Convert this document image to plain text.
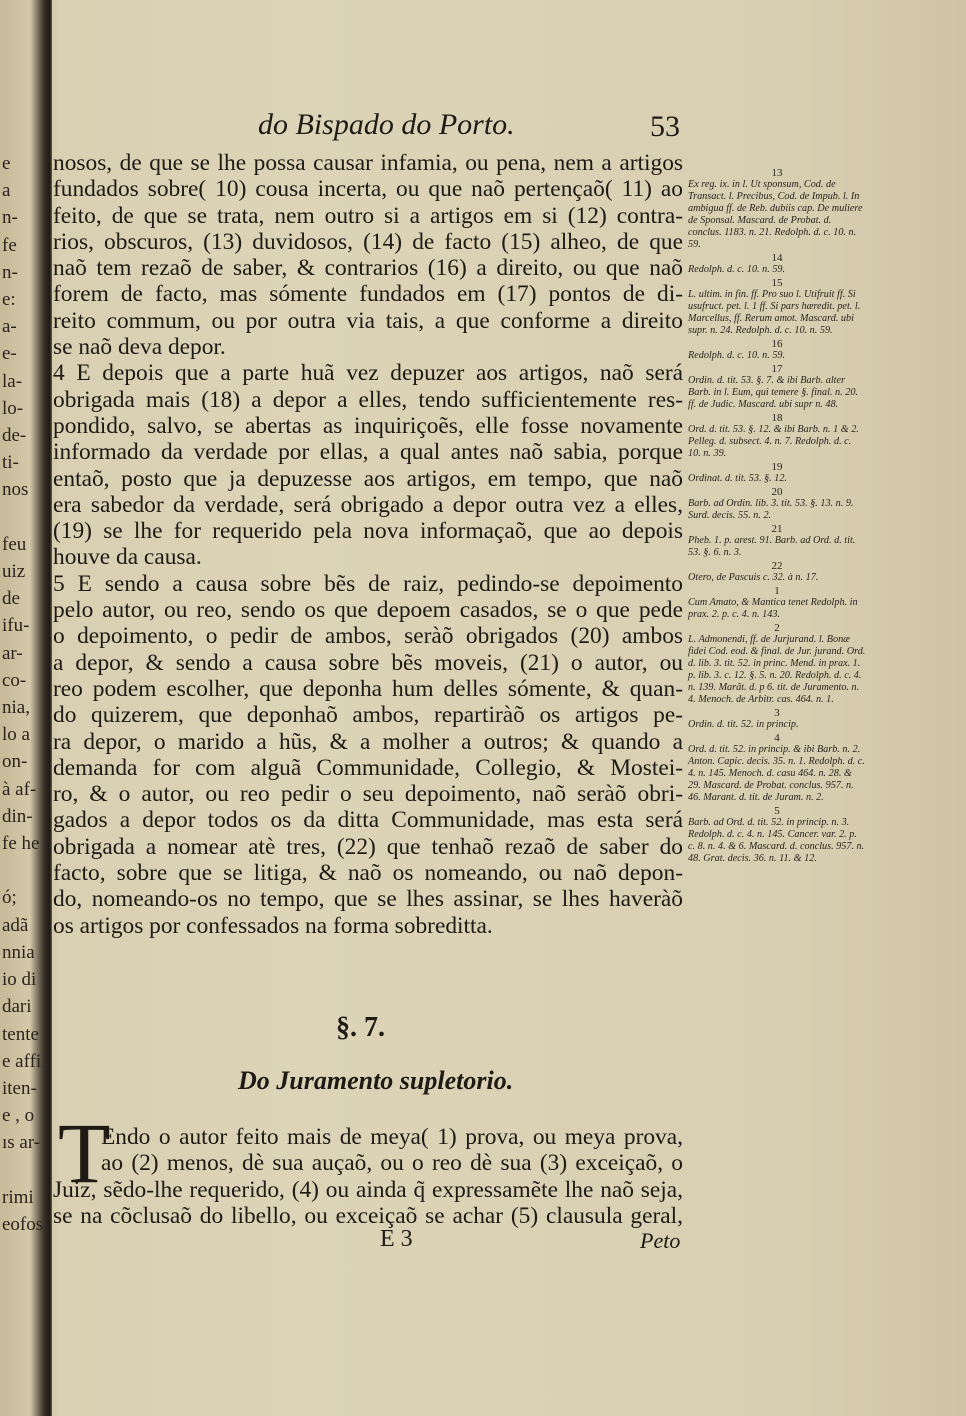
e
a
n-
fe
n-
e:
a-
e-
la-
lo-
de-
ti-
nos

feu
uiz
de
ifu-
ar-
co-
nia,
lo a
on-
à af-
din-
fe he

ó;
adã
nnia
io di
dari
tente
e affi
iten-
e , o
ıs ar-

rimi
eofos
do Bispado do Porto.	53
nosos, de que se lhe possa causar infamia, ou pena, nem a artigos
fundados sobre( 10) cousa incerta, ou que naõ pertençaõ( 11) ao
feito, de que se trata, nem outro si a artigos em si (12) contra-
rios, obscuros, (13) duvidosos, (14) de facto (15) alheo, de que
naõ tem rezaõ de saber, & contrarios (16) a direito, ou que naõ
forem de facto, mas sómente fundados em (17) pontos de di-
reito commum, ou por outra via tais, a que conforme a direito
se naõ deva depor.
4 E depois que a parte huã vez depuzer aos artigos, naõ será
obrigada mais (18) a depor a elles, tendo sufficientemente res-
pondido, salvo, se abertas as inquiriçoẽs, elle fosse novamente
informado da verdade por ellas, a qual antes naõ sabia, porque
entaõ, posto que ja depuzesse aos artigos, em tempo, que naõ
era sabedor da verdade, será obrigado a depor outra vez a elles,
(19) se lhe for requerido pela nova informaçaõ, que ao depois
houve da causa.
5 E sendo a causa sobre bẽs de raiz, pedindo-se depoimento
pelo autor, ou reo, sendo os que depoem casados, se o que pede
o depoimento, o pedir de ambos, seràõ obrigados (20) ambos
a depor, & sendo a causa sobre bẽs moveis, (21) o autor, ou
reo podem escolher, que deponha hum delles sómente, & quan-
do quizerem, que deponhaõ ambos, repartiràõ os artigos pe-
ra depor, o marido a hũs, & a molher a outros; & quando a
demanda for com alguã Communidade, Collegio, & Mostei-
ro, & o autor, ou reo pedir o seu depoimento, naõ seràõ obri-
gados a depor todos os da ditta Communidade, mas esta será
obrigada a nomear atè tres, (22) que tenhaõ rezaõ de saber do
facto, sobre que se litiga, & naõ os nomeando, ou naõ depon-
do, nomeando-os no tempo, que se lhes assinar, se lhes haveràõ
os artigos por confessados na forma sobreditta.
§. 7.
Do Juramento supletorio.
T
Endo o autor feito mais de meya( 1) prova, ou meya prova,
ao (2) menos, dè sua auçaõ, ou o reo dè sua (3) exceiçaõ, o
Juiz, sẽdo-lhe requerido, (4) ou ainda q̃ expressamẽte lhe naõ seja,
se na cõclusaõ do libello, ou exceiçaõ se achar (5) clausula geral,
E 3	Peto
13
Ex reg. ix. in l. Ut sponsum, Cod. de Transact. l. Precibus, Cod. de Impub. l. In ambigua ff. de Reb. dubiis cap. De muliere de Sponsal. Mascard. de Probat. d. conclus. 1183. n. 21. Redolph. d. c. 10. n. 59.
14
Redolph. d. c. 10. n. 59.
15
L. ultim. in fin. ff. Pro suo l. Utifruit ff. Si usufruct. pet. l. 1 ff. Si pars hæredit. pet. l. Marcellus, ff. Rerum amot. Mascard. ubi supr. n. 24. Redolph. d. c. 10. n. 59.
16
Redolph. d. c. 10. n. 59.
17
Ordin. d. tit. 53. §. 7. & ibi Barb. alter Barb. in l. Eum, qui temere §. final. n. 20. ff. de Judic. Mascard. ubi supr n. 48.
18
Ord. d. tit. 53. §. 12. & ibi Barb. n. 1 & 2. Pelleg. d. subsect. 4. n. 7. Redolph. d. c. 10. n. 39.
19
Ordinat. d. tit. 53. §. 12.
20
Barb. ad Ordin. lib. 3. tit. 53. §. 13. n. 9. Surd. decis. 55. n. 2.
21
Pheb. 1. p. arest. 91. Barb. ad Ord. d. tit. 53. §. 6. n. 3.
22
Otero, de Pascuis c. 32. à n. 17.
1
Cum Amato, & Mantica tenet Redolph. in prax. 2. p. c. 4. n. 143.
2
L. Admonendi, ff. de Jurjurand. l. Bonæ fidei Cod. eod. & final. de Jur. jurand. Ord. d. lib. 3. tit. 52. in princ. Mend. in prax. 1. p. lib. 3. c. 12. §. 5. n. 20. Redolph. d. c. 4. n. 139. Marãt. d. p 6. tit. de Juramento. n. 4. Menoch. de Arbitr. cas. 464. n. 1.
3
Ordin. d. tit. 52. in princip.
4
Ord. d. tit. 52. in princip. & ibi Barb. n. 2. Anton. Capic. decis. 35. n. 1. Redolph. d. c. 4. n. 145. Menoch. d. casu 464. n. 28. & 29. Mascard. de Probat. conclus. 957. n. 46. Marant. d. tit. de Juram. n. 2.
5
Barb. ad Ord. d. tit. 52. in princip. n. 3. Redolph. d. c. 4. n. 145. Cancer. var. 2. p. c. 8. n. 4. & 6. Mascard. d. conclus. 957. n. 48. Grat. decis. 36. n. 11. & 12.
